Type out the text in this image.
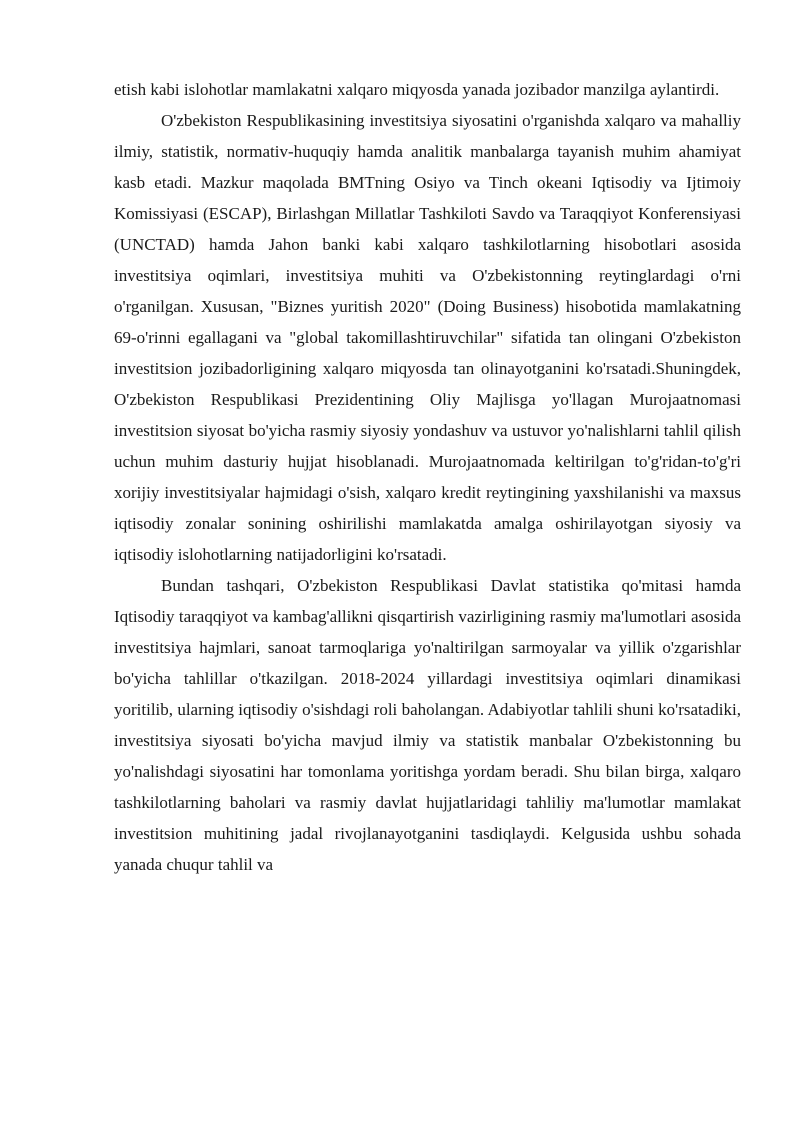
etish kabi islohotlar mamlakatni xalqaro miqyosda yanada jozibador manzilga aylantirdi.

O'zbekiston Respublikasining investitsiya siyosatini o'rganishda xalqaro va mahalliy ilmiy, statistik, normativ-huquqiy hamda analitik manbalarga tayanish muhim ahamiyat kasb etadi. Mazkur maqolada BMTning Osiyo va Tinch okeani Iqtisodiy va Ijtimoiy Komissiyasi (ESCAP), Birlashgan Millatlar Tashkiloti Savdo va Taraqqiyot Konferensiyasi (UNCTAD) hamda Jahon banki kabi xalqaro tashkilotlarning hisobotlari asosida investitsiya oqimlari, investitsiya muhiti va O'zbekistonning reytinglardagi o'rni o'rganilgan. Xususan, "Biznes yuritish 2020" (Doing Business) hisobotida mamlakatning 69-o'rinni egallagani va "global takomillashtiruvchilar" sifatida tan olingani O'zbekiston investitsion jozibadorligining xalqaro miqyosda tan olinayotganini ko'rsatadi.Shuningdek, O'zbekiston Respublikasi Prezidentining Oliy Majlisga yo'llagan Murojaatnomasi investitsion siyosat bo'yicha rasmiy siyosiy yondashuv va ustuvor yo'nalishlarni tahlil qilish uchun muhim dasturiy hujjat hisoblanadi. Murojaatnomada keltirilgan to'g'ridan-to'g'ri xorijiy investitsiyalar hajmidagi o'sish, xalqaro kredit reytingining yaxshilanishi va maxsus iqtisodiy zonalar sonining oshirilishi mamlakatda amalga oshirilayotgan siyosiy va iqtisodiy islohotlarning natijadorligini ko'rsatadi.

Bundan tashqari, O'zbekiston Respublikasi Davlat statistika qo'mitasi hamda Iqtisodiy taraqqiyot va kambag'allikni qisqartirish vazirligining rasmiy ma'lumotlari asosida investitsiya hajmlari, sanoat tarmoqlariga yo'naltirilgan sarmoyalar va yillik o'zgarishlar bo'yicha tahlillar o'tkazilgan. 2018-2024 yillardagi investitsiya oqimlari dinamikasi yoritilib, ularning iqtisodiy o'sishdagi roli baholangan. Adabiyotlar tahlili shuni ko'rsatadiki, investitsiya siyosati bo'yicha mavjud ilmiy va statistik manbalar O'zbekistonning bu yo'nalishdagi siyosatini har tomonlama yoritishga yordam beradi. Shu bilan birga, xalqaro tashkilotlarning baholari va rasmiy davlat hujjatlaridagi tahliliy ma'lumotlar mamlakat investitsion muhitining jadal rivojlanayotganini tasdiqlaydi. Kelgusida ushbu sohada yanada chuqur tahlil va
